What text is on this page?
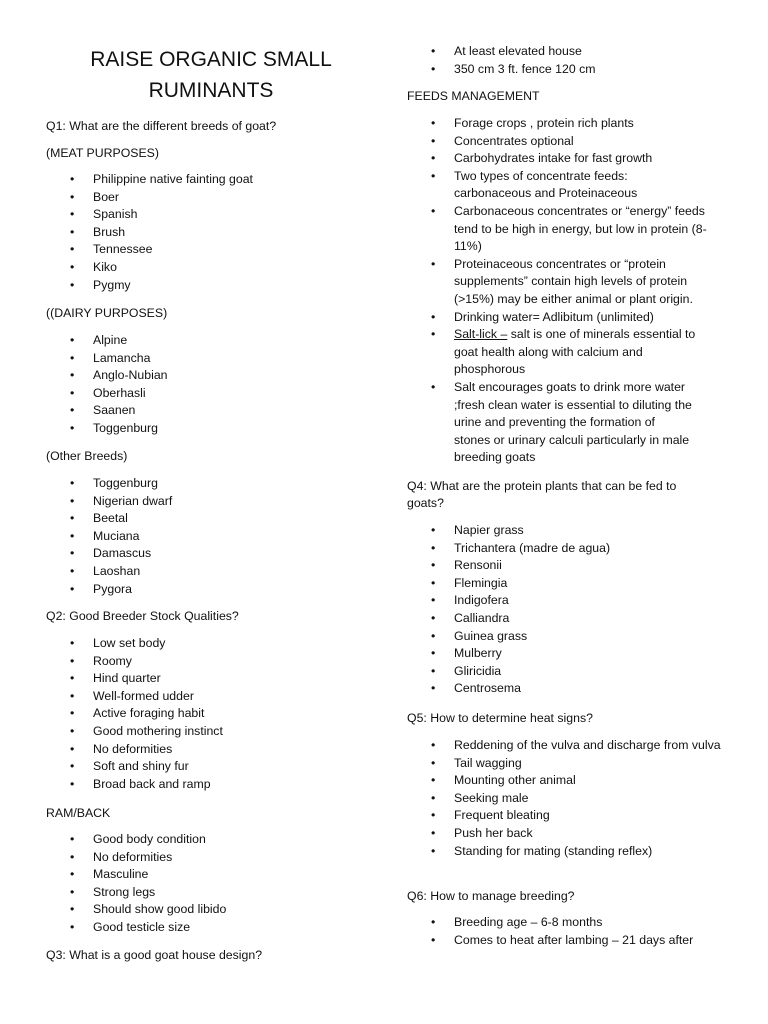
RAISE ORGANIC SMALL RUMINANTS

Q1: What are the different breeds of goat?

(MEAT PURPOSES)

• Philippine native fainting goat
• Boer
• Spanish
• Brush
• Tennessee
• Kiko
• Pygmy

((DAIRY PURPOSES)

• Alpine
• Lamancha
• Anglo-Nubian
• Oberhasli
• Saanen
• Toggenburg

(Other Breeds)

• Toggenburg
• Nigerian dwarf
• Beetal
• Muciana
• Damascus
• Laoshan
• Pygora

Q2: Good Breeder Stock Qualities?

• Low set body
• Roomy
• Hind quarter
• Well-formed udder
• Active foraging habit
• Good mothering instinct
• No deformities
• Soft and shiny fur
• Broad back and ramp

RAM/BACK

• Good body condition
• No deformities
• Masculine
• Strong legs
• Should show good libido
• Good testicle size

Q3: What is a good goat house design?

• At least elevated house
• 350 cm 3 ft. fence 120 cm

FEEDS MANAGEMENT

• Forage crops , protein rich plants
• Concentrates optional
• Carbohydrates intake for fast growth
• Two types of concentrate feeds: carbonaceous and Proteinaceous
• Carbonaceous concentrates or “energy” feeds tend to be high in energy, but low in protein (8-11%)
• Proteinaceous concentrates or “protein supplements” contain high levels of protein (>15%) may be either animal or plant origin.
• Drinking water= Adlibitum (unlimited)
• Salt-lick – salt is one of minerals essential to goat health along with calcium and phosphorous
• Salt encourages goats to drink more water ;fresh clean water is essential to diluting the urine and preventing the formation of stones or urinary calculi particularly in male breeding goats

Q4: What are the protein plants that can be fed to goats?

• Napier grass
• Trichantera (madre de agua)
• Rensonii
• Flemingia
• Indigofera
• Calliandra
• Guinea grass
• Mulberry
• Gliricidia
• Centrosema

Q5: How to determine heat signs?

• Reddening of the vulva and discharge from vulva
• Tail wagging
• Mounting other animal
• Seeking male
• Frequent bleating
• Push her back
• Standing for mating (standing reflex)

Q6: How to manage breeding?

• Breeding age – 6-8 months
• Comes to heat after lambing – 21 days after
